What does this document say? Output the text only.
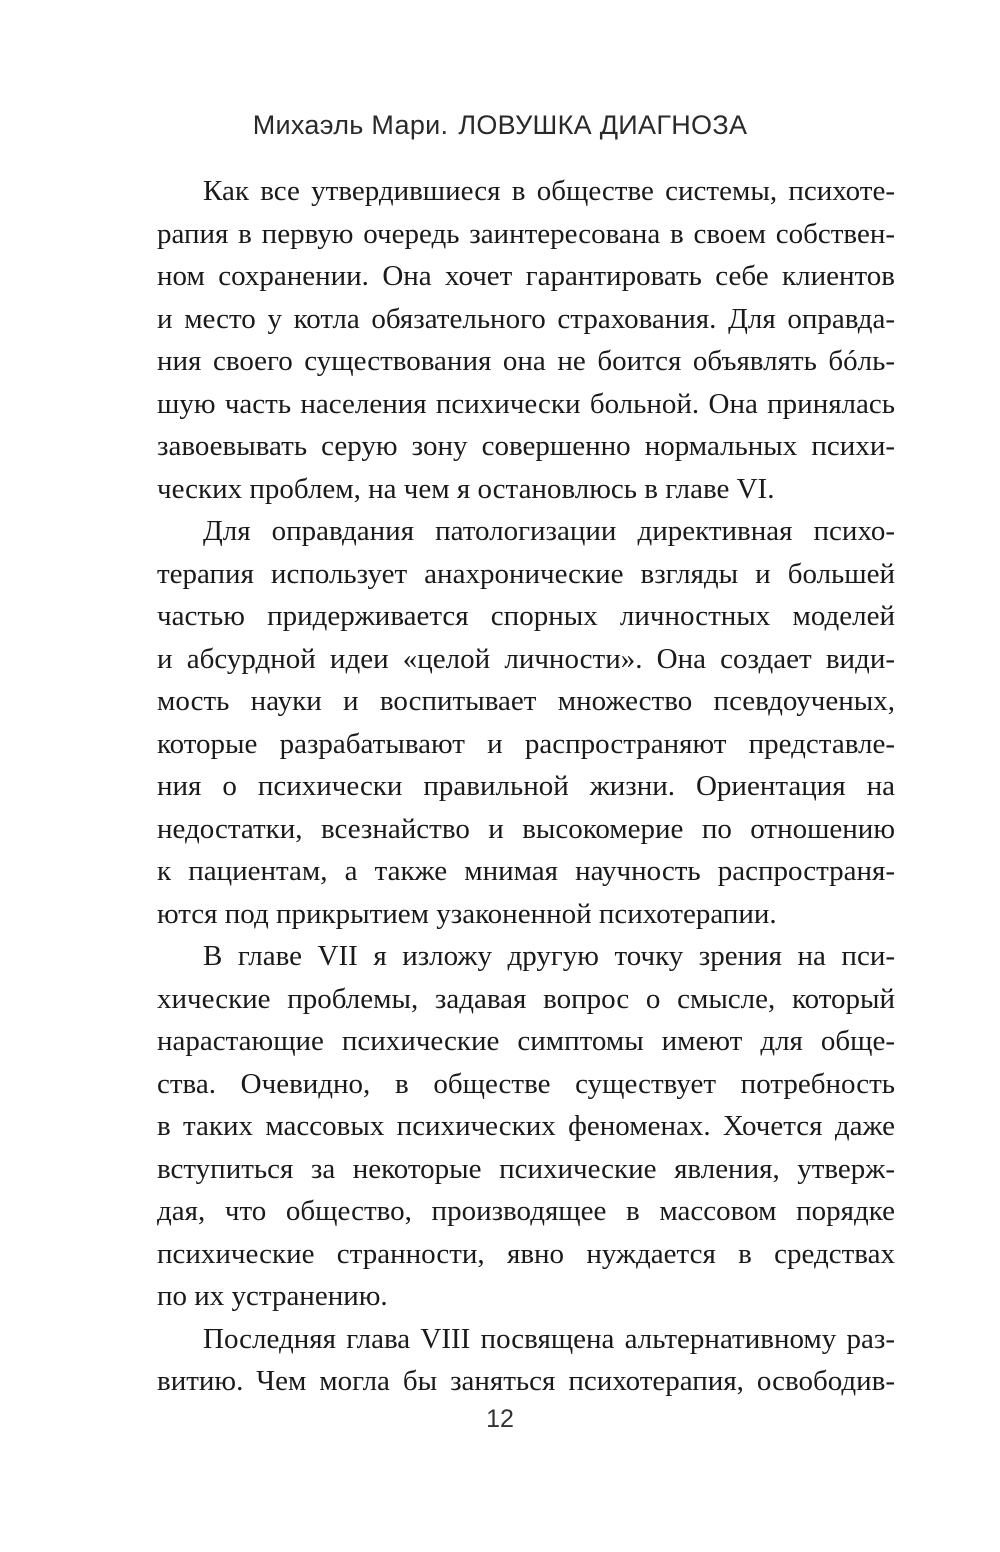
Михаэль Мари. ЛОВУШКА ДИАГНОЗА
Как все утвердившиеся в обществе системы, психоте-
рапия в первую очередь заинтересована в своем собствен-
ном сохранении. Она хочет гарантировать себе клиентов
и место у котла обязательного страхования. Для оправда-
ния своего существования она не боится объявлять бóль-
шую часть населения психически больной. Она принялась
завоевывать серую зону совершенно нормальных психи-
ческих проблем, на чем я остановлюсь в главе VI.
Для оправдания патологизации директивная психо-
терапия использует анахронические взгляды и большей
частью придерживается спорных личностных моделей
и абсурдной идеи «целой личности». Она создает види-
мость науки и воспитывает множество псевдоученых,
которые разрабатывают и распространяют представле-
ния о психически правильной жизни. Ориентация на
недостатки, всезнайство и высокомерие по отношению
к пациентам, а также мнимая научность распространя-
ются под прикрытием узаконенной психотерапии.
В главе VII я изложу другую точку зрения на пси-
хические проблемы, задавая вопрос о смысле, который
нарастающие психические симптомы имеют для обще-
ства. Очевидно, в обществе существует потребность
в таких массовых психических феноменах. Хочется даже
вступиться за некоторые психические явления, утверж-
дая, что общество, производящее в массовом порядке
психические странности, явно нуждается в средствах
по их устранению.
Последняя глава VIII посвящена альтернативному раз-
витию. Чем могла бы заняться психотерапия, освободив-
12
